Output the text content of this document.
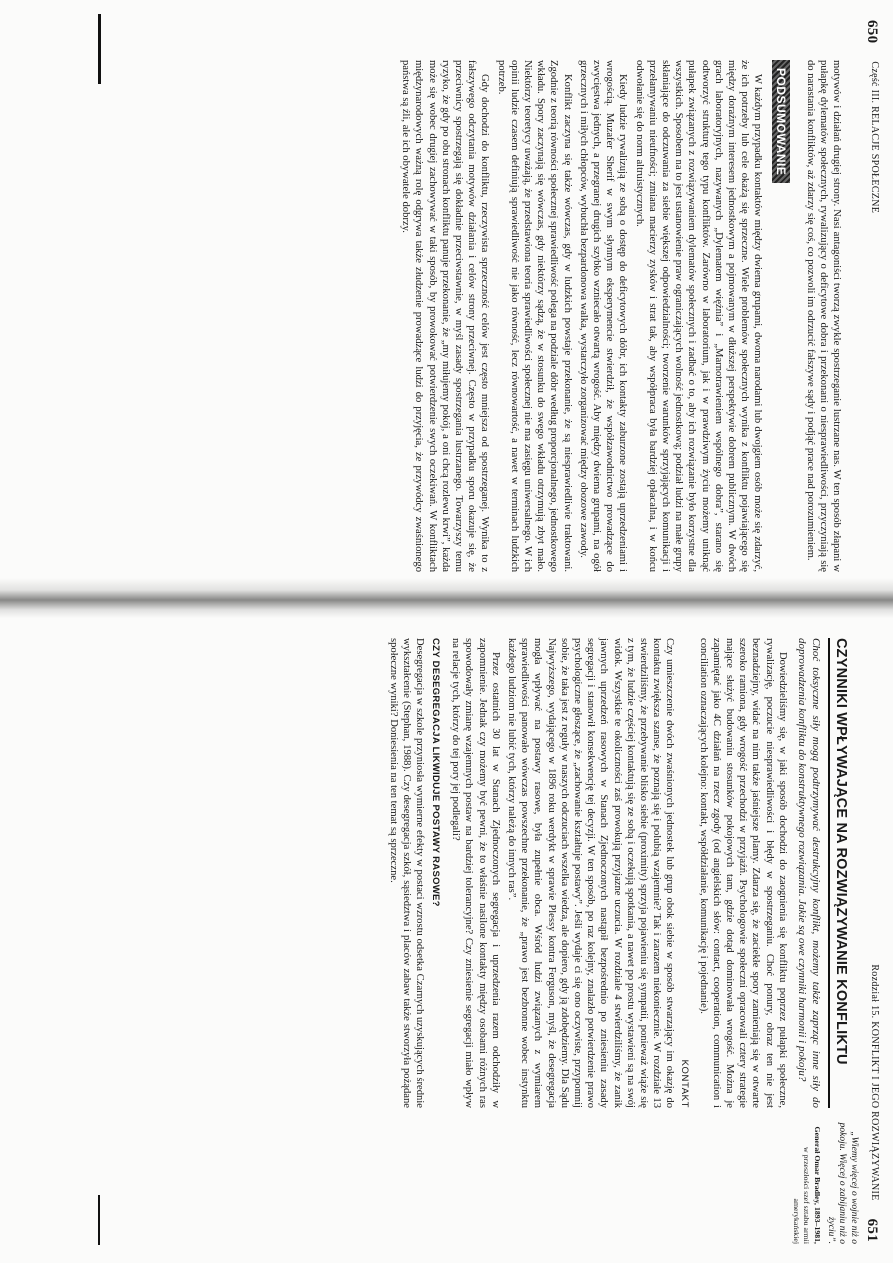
650
Część III. RELACJE SPOŁECZNE

motywów i działań drugiej strony. Nasi antagoniści tworzą zwykle spostrzeganie lustrzane nas. W ten sposób złapani w pułapkę dylematów społecznych, rywalizujący o deficytowe dobra i przekonani o niesprawiedliwości, przyczyniają się do narastania konfliktów, aż zdarzy się coś, co pozwoli im odrzucić fałszywe sądy i podjąć prace nad porozumieniem.

PODSUMOWANIE

W każdym przypadku kontaktów między dwiema grupami, dwoma narodami lub dwojgiem osób może się zdarzyć, że ich potrzeby lub cele okażą się sprzeczne. Wiele problemów społecznych wynika z konfliktu pojawiającego się między doraźnym interesem jednostkowym a pojmowanym w dłuższej perspektywie dobrem publicznym. W dwóch grach laboratoryjnych, nazywanych „Dylematem więźnia” i „Marnotrawieniem wspólnego dobra”, starano się odtworzyć strukturę tego typu konfliktów. Zarówno w laboratorium, jak i w prawdziwym życiu możemy uniknąć pułapek związanych z rozwiązywaniem dylematów społecznych i zadbać o to, aby ich rozwiązanie było korzystne dla wszystkich. Sposobem na to jest ustanowienie praw ograniczających wolność jednostkową; podział ludzi na małe grupy skłaniające do odczuwania za siebie większej odpowiedzialności; tworzenie warunków sprzyjających komunikacji i przełamywaniu nieufności; zmiana macierzy zysków i strat tak, aby współpraca była bardziej opłacalna, i w końcu odwołanie się do norm altruistycznych.

Kiedy ludzie rywalizują ze sobą o dostęp do deficytowych dóbr, ich kontakty zaburzone zostają uprzedzeniami i wrogością. Muzafer Sherif w swym słynnym eksperymencie stwierdził, że współzawodnictwo prowadzące do zwycięstwa jednych, a przegranej drugich szybko wzniecało otwartą wrogość. Aby między dwiema grupami, na ogół grzecznych i miłych chłopców, wybuchła bezpardonowa walka, wystarczyło zorganizować między obozowe zawody.

Konflikt zaczyna się także wówczas, gdy w ludzkich powstaje przekonanie, że są niesprawiedliwie traktowani. Zgodnie z teorią równości społecznej sprawiedliwość polega na podziale dóbr według proporcjonalnego, jednostkowego wkładu. Spory zaczynają się wówczas, gdy niektórzy sądzą, że w stosunku do swego wkładu otrzymują zbyt mało. Niektórzy teoretycy uważają, że przedstawiona teoria sprawiedliwości społecznej nie ma zasięgu uniwersalnego. W ich opinii ludzie czasem definiują sprawiedliwość nie jako równość, lecz równowartość, a nawet w terminach ludzkich potrzeb.

Gdy dochodzi do konfliktu, rzeczywista sprzeczność celów jest często mniejsza od spostrzeganej. Wynika to z fałszywego odczytania motywów działania i celów strony przeciwnej. Często w przypadku sporu okazuje się, że przeciwnicy spostrzegają się dokładnie przeciwstawnie, w myśl zasady spostrzegania lustrzanego. Towarzyszy temu ryzyko, że gdy po obu stronach konfliktu panuje przekonanie, że „my miłujemy pokój, a oni chcą rozlewu krwi”, każda może się wobec drugiej zachowywać w taki sposób, by prowokować potwierdzenie swych oczekiwań. W konfliktach międzynarodowych ważną rolę odgrywa także złudzenie prowadzące ludzi do przyjęcia, że przywódcy zwaśnionego państwa są źli, ale ich obywatele dobrzy.

Rozdział 15. KONFLIKT I JEGO ROZWIĄZYWANIE
651
„Wiemy więcej o wojnie niż o pokoju. Więcej o zabijaniu niż o życiu”.
Generał Omar Bradley, 1893–1981,
w przeszłości szef sztabu armii amerykańskiej
CZYNNIKI WPŁYWAJĄCE NA ROZWIĄZYWANIE KONFLIKTU

Choć toksyczne siły mogą podtrzymywać destrukcyjny konflikt, możemy także zaprząc inne siły do doprowadzenia konfliktu do konstruktywnego rozwiązania. Jakie są owe czynniki harmonii i pokoju?

Dowiedzieliśmy się, w jaki sposób dochodzi do zaognienia się konfliktu poprzez pułapki społeczne, rywalizację, poczucie niesprawiedliwości i błędy w spostrzeganiu. Choć ponury, obraz ten nie jest beznadziejny, widać na nim także jaśniejsze plamy. Zdarza się, że zaciekłe spory zamieniają się w otwarte szeroko ramiona, gdy wrogość przechodzi w przyjaźń. Psychologowie społeczni opracowali cztery strategie mające służyć budowaniu stosunków pokojowych tam, gdzie dotąd dominowała wrogość. Można je zapamiętać jako 4C działań na rzecz zgody (od angielskich słów: contact, cooperation, communication i conciliation oznaczających kolejno: kontakt, współdziałanie, komunikację i pojednanie).

KONTAKT

Czy umieszczenie dwóch zwaśnionych jednostek lub grup obok siebie w sposób stwarzający im okazję do kontaktu zwiększa szanse, że poznają się i polubią wzajemnie? Tak i zarazem niekoniecznie. W rozdziale 13 stwierdziliśmy, że przebywanie blisko siebie (proximity) sprzyja pojawieniu się sympatii, ponieważ wiąże się z tym, że ludzie częściej kontaktują się ze sobą i oczekują spotkania, a nawet po prostu wystawieni są na swój widok. Wszystkie te okoliczności zaś prowokują przyjazne uczucia. W rozdziale 4 stwierdziliśmy, że zanik jawnych uprzedzeń rasowych w Stanach Zjednoczonych nastąpił bezpośrednio po zniesieniu zasady segregacji i stanowił konsekwencję tej decyzji. W ten sposób, po raz kolejny, znalazło potwierdzenie prawo psychologiczne głoszące, że „zachowanie kształtuje postawy”. Jeśli wydaje ci się ono oczywiste, przypomnij sobie, że taka jest z reguły w naszych odczuciach wszelka wiedza, ale dopiero, gdy ją zdobędziemy. Dla Sądu Najwyższego, wydającego w 1896 roku werdykt w sprawie Plessy kontra Ferguson, myśl, że desegregacja mogła wpływać na postawy rasowe, była zupełnie obca. Wśród ludzi związanych z wymiarem sprawiedliwości panowało wówczas powszechne przekonanie, że „prawo jest bezbronne wobec instynktu każdego ludziom nie lubić tych, którzy należą do innych ras”.

Przez ostatnich 30 lat w Stanach Zjednoczonych segregacja i uprzedzenia razem odchodziły w zapomnienie. Jednak czy możemy być pewni, że to właśnie nasilone kontakty między osobami różnych ras spowodowały zmianę wzajemnych postaw na bardziej tolerancyjne? Czy zniesienie segregacji miało wpływ na relacje tych, którzy do tej pory jej podlegali?

CZY DESEGREGACJA LIKWIDUJE POSTAWY RASOWE?

Desegregacja w szkole przyniosła wymierne efekty w postaci wzrostu odsetka Czarnych uzyskujących średnie wykształcenie (Stephan, 1988). Czy desegregacja szkół, sąsiedztwa i placów zabaw także stworzyła pożądane społeczne wyniki? Doniesienia na ten temat są sprzeczne.
